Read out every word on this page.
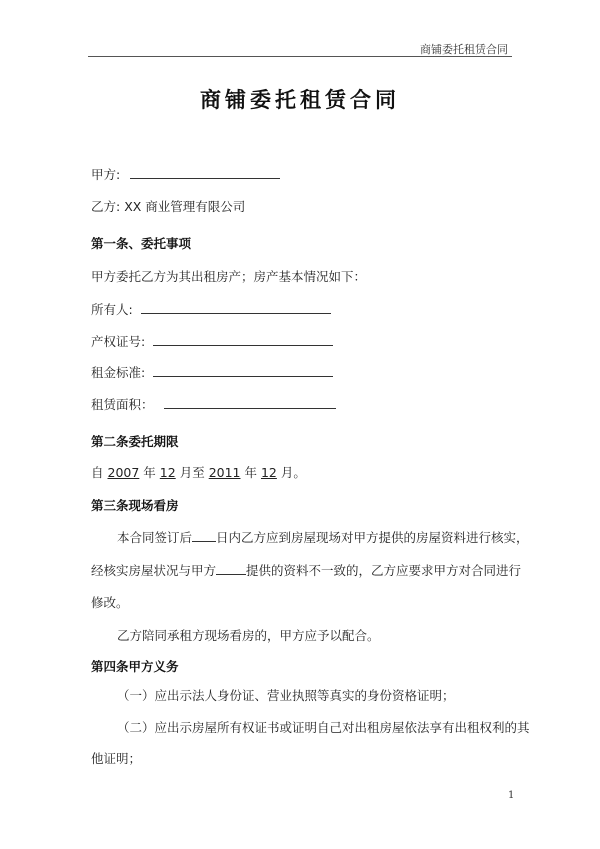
商铺委托租赁合同
商铺委托租赁合同
甲方:
乙方: XX 商业管理有限公司
第一条、委托事项
甲方委托乙方为其出租房产；房产基本情况如下：
所有人:
产权证号:
租金标准:
租赁面积：
第二条委托期限
自 2007 年 12 月至 2011 年 12 月。
第三条现场看房
本合同签订后 日内乙方应到房屋现场对甲方提供的房屋资料进行核实，
经核实房屋状况与甲方 提供的资料不一致的，乙方应要求甲方对合同进行
修改。
乙方陪同承租方现场看房的，甲方应予以配合。
第四条甲方义务
（一）应出示法人身份证、营业执照等真实的身份资格证明；
（二）应出示房屋所有权证书或证明自己对出租房屋依法享有出租权利的其
他证明；
1
